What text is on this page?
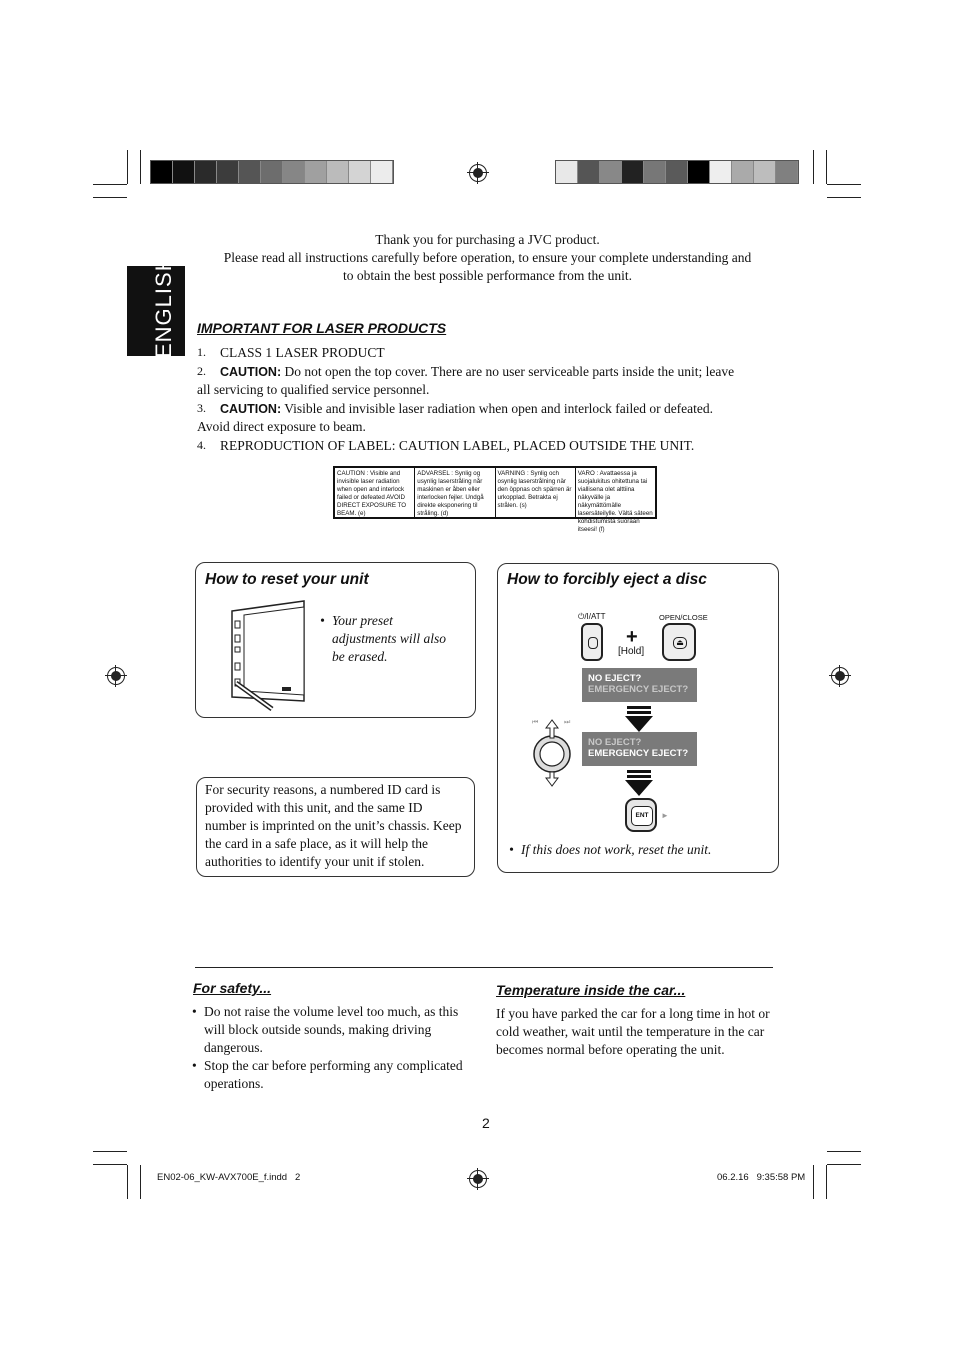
Thank you for purchasing a JVC product.
Please read all instructions carefully before operation, to ensure your complete understanding and
to obtain the best possible performance from the unit.
ENGLISH IMPORTANT FOR LASER PRODUCTS
1. CLASS 1 LASER PRODUCT
2. CAUTION: Do not open the top cover. There are no user serviceable parts inside the unit; leave
all servicing to qualified service personnel.
3. CAUTION: Visible and invisible laser radiation when open and interlock failed or defeated.
Avoid direct exposure to beam.
4. REPRODUCTION OF LABEL: CAUTION LABEL, PLACED OUTSIDE THE UNIT.
CAUTION : Visible and invisible laser radiation when open and interlock failed or defeated AVOID DIRECT EXPOSURE TO BEAM. (e)
ADVARSEL : Synlig og usynlig laserstråling når maskinen er åben eller interlocken fejler. Undgå direkte eksponering til stråling. (d)
VARNING : Synlig och osynlig laserstrålning när den öppnas och spärren är urkopplad. Betrakta ej strålen. (s)
VARO : Avattaessa ja suojalukitus ohitettuna tai viallisena olet alttiina näkyvälle ja näkymättömälle lasersäteilylle. Vältä säteen kohdistumista suoraan itseesi! (f)
How to reset your unit
• Your preset adjustments will also be erased.
For security reasons, a numbered ID card is provided with this unit, and the same ID number is imprinted on the unit’s chassis. Keep the card in a safe place, as it will help the authorities to identify your unit if stolen.
How to forcibly eject a disc
⏻/I/ATT
+
[Hold]
OPEN/CLOSE
⏏
NO EJECT?
EMERGENCY EJECT?
⏮	⏭
NO EJECT?
EMERGENCY EJECT?
ENT	►
• If this does not work, reset the unit.
For safety...
• Do not raise the volume level too much, as this will block outside sounds, making driving dangerous.
• Stop the car before performing any complicated operations.
Temperature inside the car...
If you have parked the car for a long time in hot or cold weather, wait until the temperature in the car becomes normal before operating the unit.
2
EN02-06_KW-AVX700E_f.indd   2	06.2.16   9:35:58 PM
